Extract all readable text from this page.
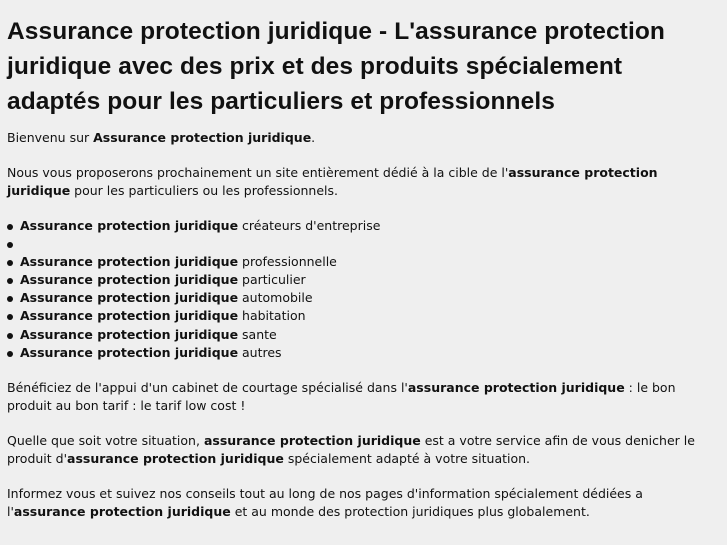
Assurance protection juridique - L'assurance protection juridique avec des prix et des produits spécialement adaptés pour les particuliers et professionnels

Bienvenu sur Assurance protection juridique.

Nous vous proposerons prochainement un site entièrement dédié à la cible de l'assurance protection juridique pour les particuliers ou les professionnels.

Assurance protection juridique créateurs d'entreprise
Assurance protection juridique professionnelle
Assurance protection juridique particulier
Assurance protection juridique automobile
Assurance protection juridique habitation
Assurance protection juridique sante
Assurance protection juridique autres

Bénéficiez de l'appui d'un cabinet de courtage spécialisé dans l'assurance protection juridique : le bon produit au bon tarif : le tarif low cost !

Quelle que soit votre situation, assurance protection juridique est a votre service afin de vous denicher le produit d'assurance protection juridique spécialement adapté à votre situation.

Informez vous et suivez nos conseils tout au long de nos pages d'information spécialement dédiées a l'assurance protection juridique et au monde des protection juridiques plus globalement.
